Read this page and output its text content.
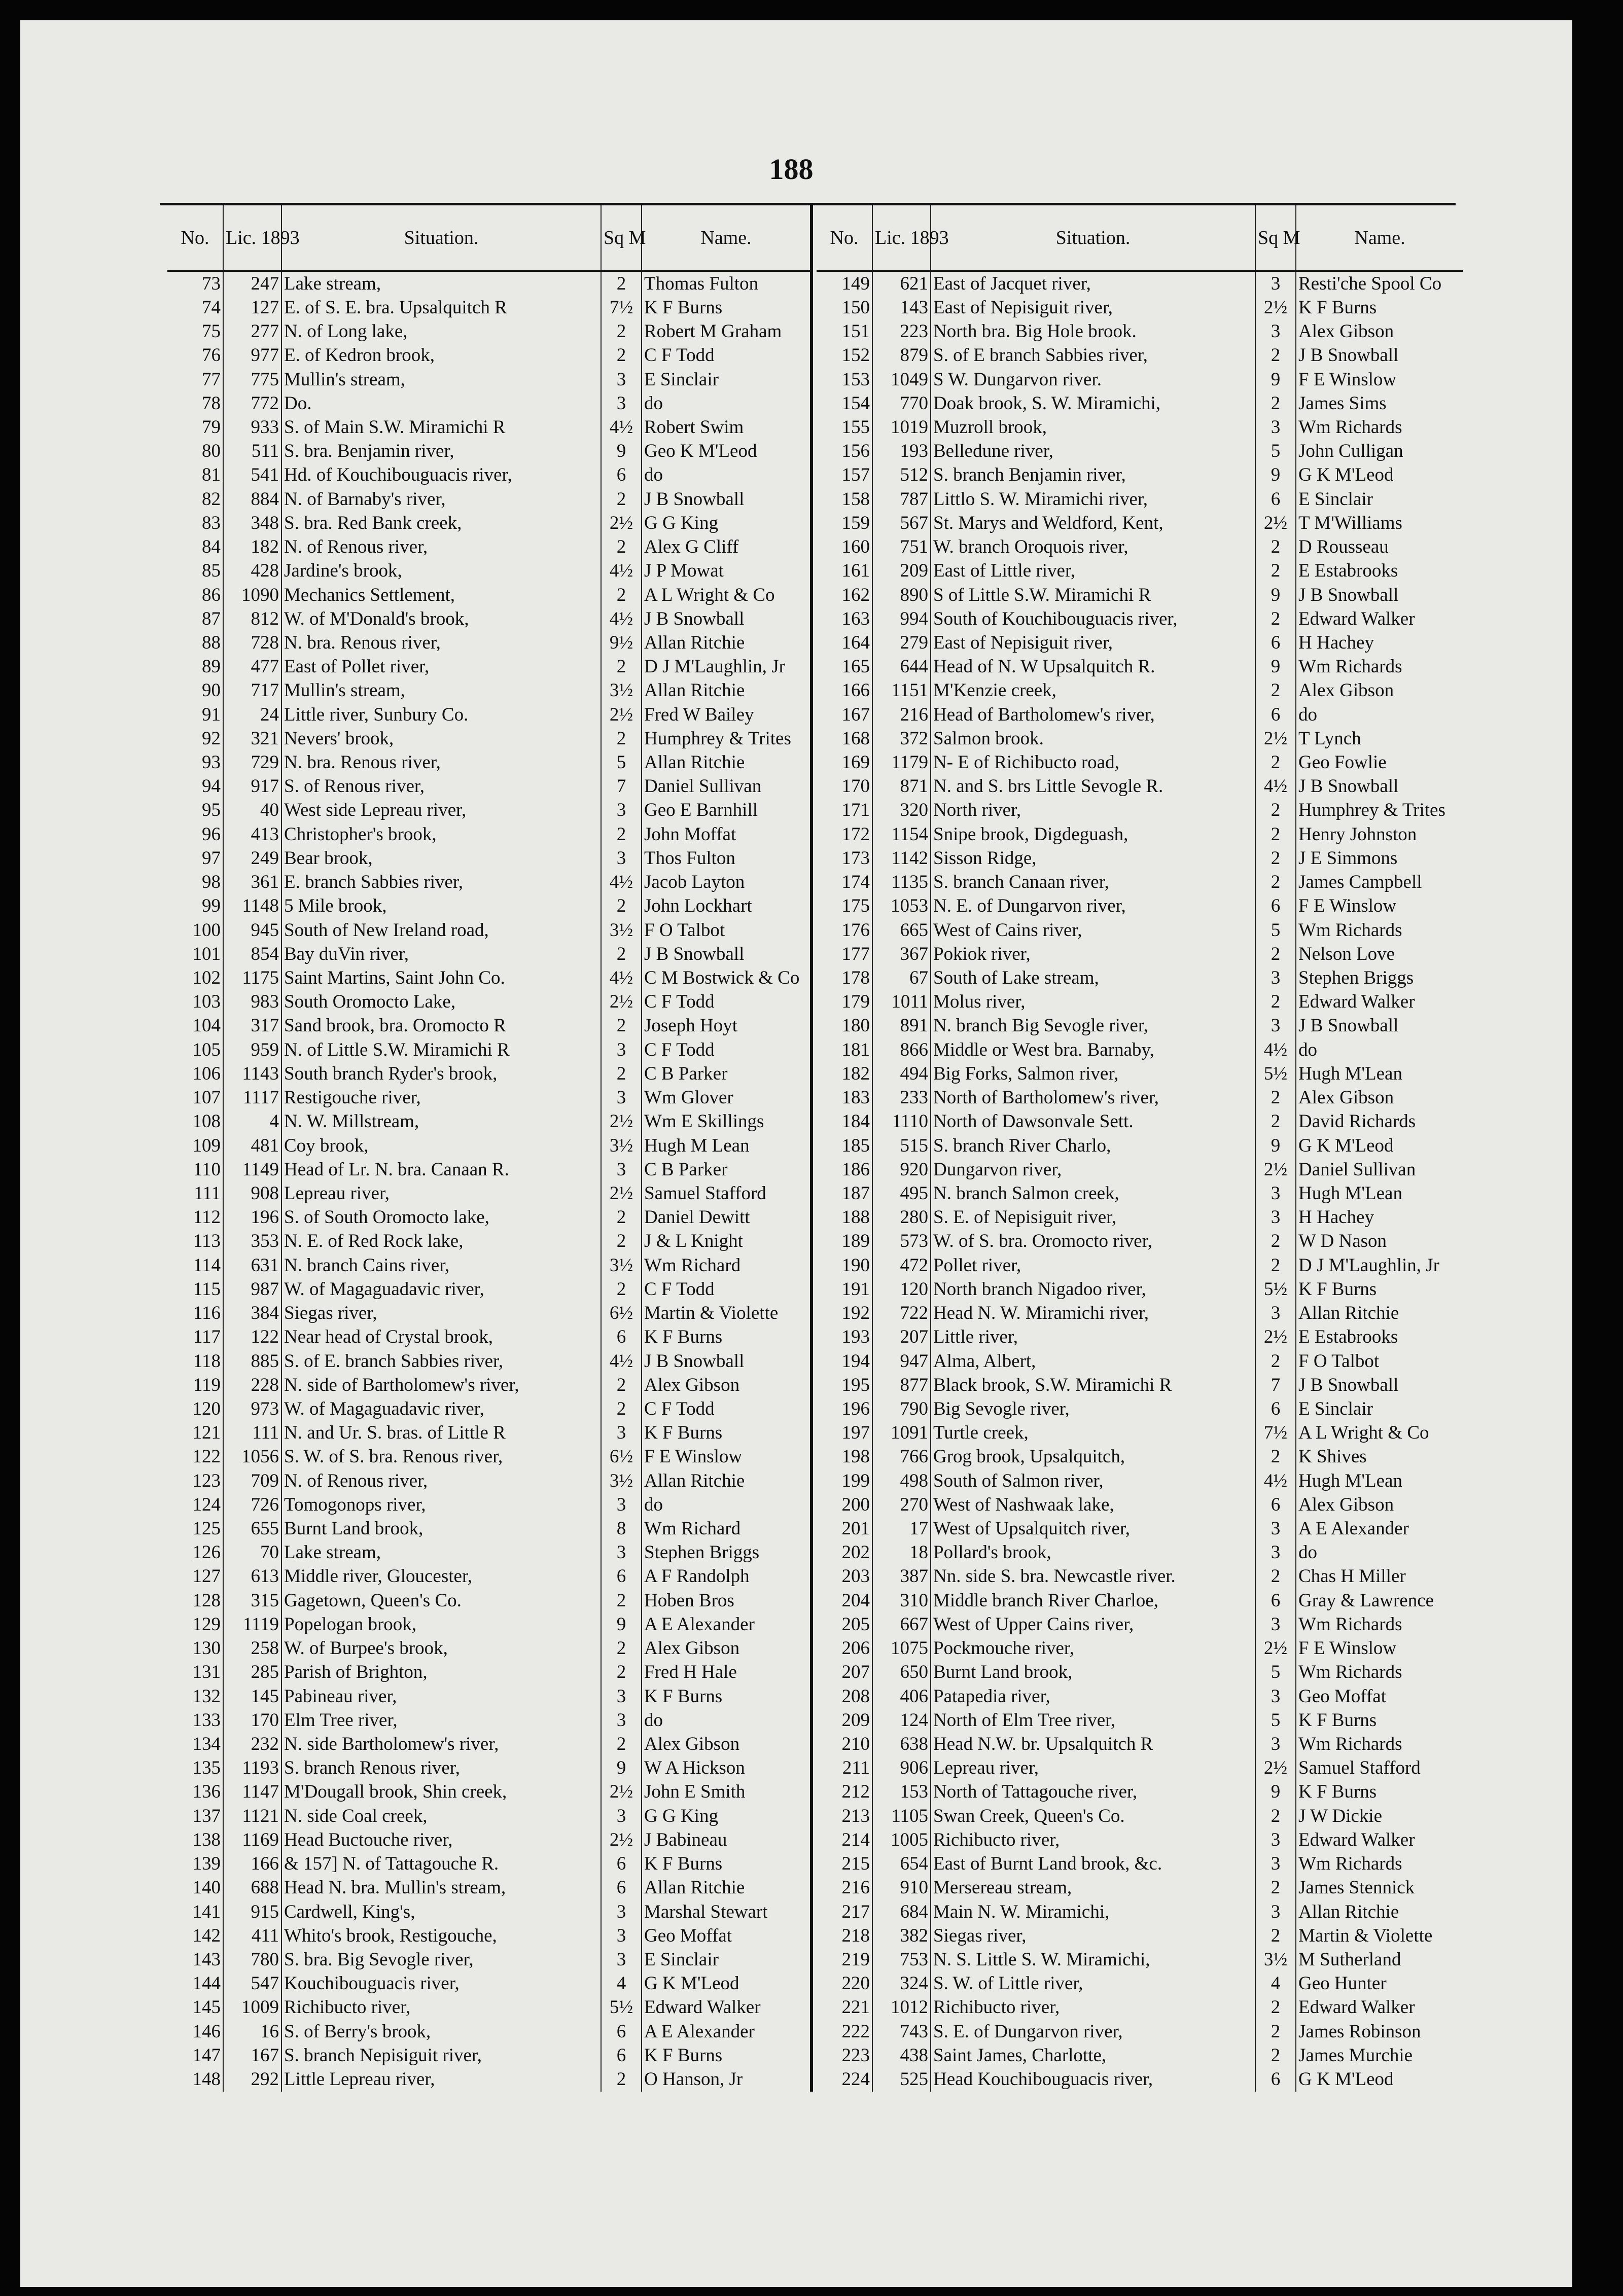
188
No.	Lic. 1893	Situation.	Sq M	Name.
73	247	Lake stream,	2	Thomas Fulton
74	127	E. of S. E. bra. Upsalquitch R	7½	K F Burns
75	277	N. of Long lake,	2	Robert M Graham
76	977	E. of Kedron brook,	2	C F Todd
77	775	Mullin's stream,	3	E Sinclair
78	772	Do.	3	do
79	933	S. of Main S.W. Miramichi R	4½	Robert Swim
80	511	S. bra. Benjamin river,	9	Geo K M'Leod
81	541	Hd. of Kouchibouguacis river,	6	do
82	884	N. of Barnaby's river,	2	J B Snowball
83	348	S. bra. Red Bank creek,	2½	G G King
84	182	N. of Renous river,	2	Alex G Cliff
85	428	Jardine's brook,	4½	J P Mowat
86	1090	Mechanics Settlement,	2	A L Wright & Co
87	812	W. of M'Donald's brook,	4½	J B Snowball
88	728	N. bra. Renous river,	9½	Allan Ritchie
89	477	East of Pollet river,	2	D J M'Laughlin, Jr
90	717	Mullin's stream,	3½	Allan Ritchie
91	24	Little river, Sunbury Co.	2½	Fred W Bailey
92	321	Nevers' brook,	2	Humphrey & Trites
93	729	N. bra. Renous river,	5	Allan Ritchie
94	917	S. of Renous river,	7	Daniel Sullivan
95	40	West side Lepreau river,	3	Geo E Barnhill
96	413	Christopher's brook,	2	John Moffat
97	249	Bear brook,	3	Thos Fulton
98	361	E. branch Sabbies river,	4½	Jacob Layton
99	1148	5 Mile brook,	2	John Lockhart
100	945	South of New Ireland road,	3½	F O Talbot
101	854	Bay duVin river,	2	J B Snowball
102	1175	Saint Martins, Saint John Co.	4½	C M Bostwick & Co
103	983	South Oromocto Lake,	2½	C F Todd
104	317	Sand brook, bra. Oromocto R	2	Joseph Hoyt
105	959	N. of Little S.W. Miramichi R	3	C F Todd
106	1143	South branch Ryder's brook,	2	C B Parker
107	1117	Restigouche river,	3	Wm Glover
108	4	N. W. Millstream,	2½	Wm E Skillings
109	481	Coy brook,	3½	Hugh M Lean
110	1149	Head of Lr. N. bra. Canaan R.	3	C B Parker
111	908	Lepreau river,	2½	Samuel Stafford
112	196	S. of South Oromocto lake,	2	Daniel Dewitt
113	353	N. E. of Red Rock lake,	2	J & L Knight
114	631	N. branch Cains river,	3½	Wm Richard
115	987	W. of Magaguadavic river,	2	C F Todd
116	384	Siegas river,	6½	Martin & Violette
117	122	Near head of Crystal brook,	6	K F Burns
118	885	S. of E. branch Sabbies river,	4½	J B Snowball
119	228	N. side of Bartholomew's river,	2	Alex Gibson
120	973	W. of Magaguadavic river,	2	C F Todd
121	111	N. and Ur. S. bras. of Little R	3	K F Burns
122	1056	S. W. of S. bra. Renous river,	6½	F E Winslow
123	709	N. of Renous river,	3½	Allan Ritchie
124	726	Tomogonops river,	3	do
125	655	Burnt Land brook,	8	Wm Richard
126	70	Lake stream,	3	Stephen Briggs
127	613	Middle river, Gloucester,	6	A F Randolph
128	315	Gagetown, Queen's Co.	2	Hoben Bros
129	1119	Popelogan brook,	9	A E Alexander
130	258	W. of Burpee's brook,	2	Alex Gibson
131	285	Parish of Brighton,	2	Fred H Hale
132	145	Pabineau river,	3	K F Burns
133	170	Elm Tree river,	3	do
134	232	N. side Bartholomew's river,	2	Alex Gibson
135	1193	S. branch Renous river,	9	W A Hickson
136	1147	M'Dougall brook, Shin creek,	2½	John E Smith
137	1121	N. side Coal creek,	3	G G King
138	1169	Head Buctouche river,	2½	J Babineau
139	166	& 157] N. of Tattagouche R.	6	K F Burns
140	688	Head N. bra. Mullin's stream,	6	Allan Ritchie
141	915	Cardwell, King's,	3	Marshal Stewart
142	411	Whito's brook, Restigouche,	3	Geo Moffat
143	780	S. bra. Big Sevogle river,	3	E Sinclair
144	547	Kouchibouguacis river,	4	G K M'Leod
145	1009	Richibucto river,	5½	Edward Walker
146	16	S. of Berry's brook,	6	A E Alexander
147	167	S. branch Nepisiguit river,	6	K F Burns
148	292	Little Lepreau river,	2	O Hanson, Jr
No.	Lic. 1893	Situation.	Sq M	Name.
149	621	East of Jacquet river,	3	Resti'che Spool Co
150	143	East of Nepisiguit river,	2½	K F Burns
151	223	North bra. Big Hole brook.	3	Alex Gibson
152	879	S. of E branch Sabbies river,	2	J B Snowball
153	1049	S W. Dungarvon river.	9	F E Winslow
154	770	Doak brook, S. W. Miramichi,	2	James Sims
155	1019	Muzroll brook,	3	Wm Richards
156	193	Belledune river,	5	John Culligan
157	512	S. branch Benjamin river,	9	G K M'Leod
158	787	Littlo S. W. Miramichi river,	6	E Sinclair
159	567	St. Marys and Weldford, Kent,	2½	T M'Williams
160	751	W. branch Oroquois river,	2	D Rousseau
161	209	East of Little river,	2	E Estabrooks
162	890	S of Little S.W. Miramichi R	9	J B Snowball
163	994	South of Kouchibouguacis river,	2	Edward Walker
164	279	East of Nepisiguit river,	6	H Hachey
165	644	Head of N. W Upsalquitch R.	9	Wm Richards
166	1151	M'Kenzie creek,	2	Alex Gibson
167	216	Head of Bartholomew's river,	6	do
168	372	Salmon brook.	2½	T Lynch
169	1179	N- E of Richibucto road,	2	Geo Fowlie
170	871	N. and S. brs Little Sevogle R.	4½	J B Snowball
171	320	North river,	2	Humphrey & Trites
172	1154	Snipe brook, Digdeguash,	2	Henry Johnston
173	1142	Sisson Ridge,	2	J E Simmons
174	1135	S. branch Canaan river,	2	James Campbell
175	1053	N. E. of Dungarvon river,	6	F E Winslow
176	665	West of Cains river,	5	Wm Richards
177	367	Pokiok river,	2	Nelson Love
178	67	South of Lake stream,	3	Stephen Briggs
179	1011	Molus river,	2	Edward Walker
180	891	N. branch Big Sevogle river,	3	J B Snowball
181	866	Middle or West bra. Barnaby,	4½	do
182	494	Big Forks, Salmon river,	5½	Hugh M'Lean
183	233	North of Bartholomew's river,	2	Alex Gibson
184	1110	North of Dawsonvale Sett.	2	David Richards
185	515	S. branch River Charlo,	9	G K M'Leod
186	920	Dungarvon river,	2½	Daniel Sullivan
187	495	N. branch Salmon creek,	3	Hugh M'Lean
188	280	S. E. of Nepisiguit river,	3	H Hachey
189	573	W. of S. bra. Oromocto river,	2	W D Nason
190	472	Pollet river,	2	D J M'Laughlin, Jr
191	120	North branch Nigadoo river,	5½	K F Burns
192	722	Head N. W. Miramichi river,	3	Allan Ritchie
193	207	Little river,	2½	E Estabrooks
194	947	Alma, Albert,	2	F O Talbot
195	877	Black brook, S.W. Miramichi R	7	J B Snowball
196	790	Big Sevogle river,	6	E Sinclair
197	1091	Turtle creek,	7½	A L Wright & Co
198	766	Grog brook, Upsalquitch,	2	K Shives
199	498	South of Salmon river,	4½	Hugh M'Lean
200	270	West of Nashwaak lake,	6	Alex Gibson
201	17	West of Upsalquitch river,	3	A E Alexander
202	18	Pollard's brook,	3	do
203	387	Nn. side S. bra. Newcastle river.	2	Chas H Miller
204	310	Middle branch River Charloe,	6	Gray & Lawrence
205	667	West of Upper Cains river,	3	Wm Richards
206	1075	Pockmouche river,	2½	F E Winslow
207	650	Burnt Land brook,	5	Wm Richards
208	406	Patapedia river,	3	Geo Moffat
209	124	North of Elm Tree river,	5	K F Burns
210	638	Head N.W. br. Upsalquitch R	3	Wm Richards
211	906	Lepreau river,	2½	Samuel Stafford
212	153	North of Tattagouche river,	9	K F Burns
213	1105	Swan Creek, Queen's Co.	2	J W Dickie
214	1005	Richibucto river,	3	Edward Walker
215	654	East of Burnt Land brook, &c.	3	Wm Richards
216	910	Mersereau stream,	2	James Stennick
217	684	Main N. W. Miramichi,	3	Allan Ritchie
218	382	Siegas river,	2	Martin & Violette
219	753	N. S. Little S. W. Miramichi,	3½	M Sutherland
220	324	S. W. of Little river,	4	Geo Hunter
221	1012	Richibucto river,	2	Edward Walker
222	743	S. E. of Dungarvon river,	2	James Robinson
223	438	Saint James, Charlotte,	2	James Murchie
224	525	Head Kouchibouguacis river,	6	G K M'Leod
